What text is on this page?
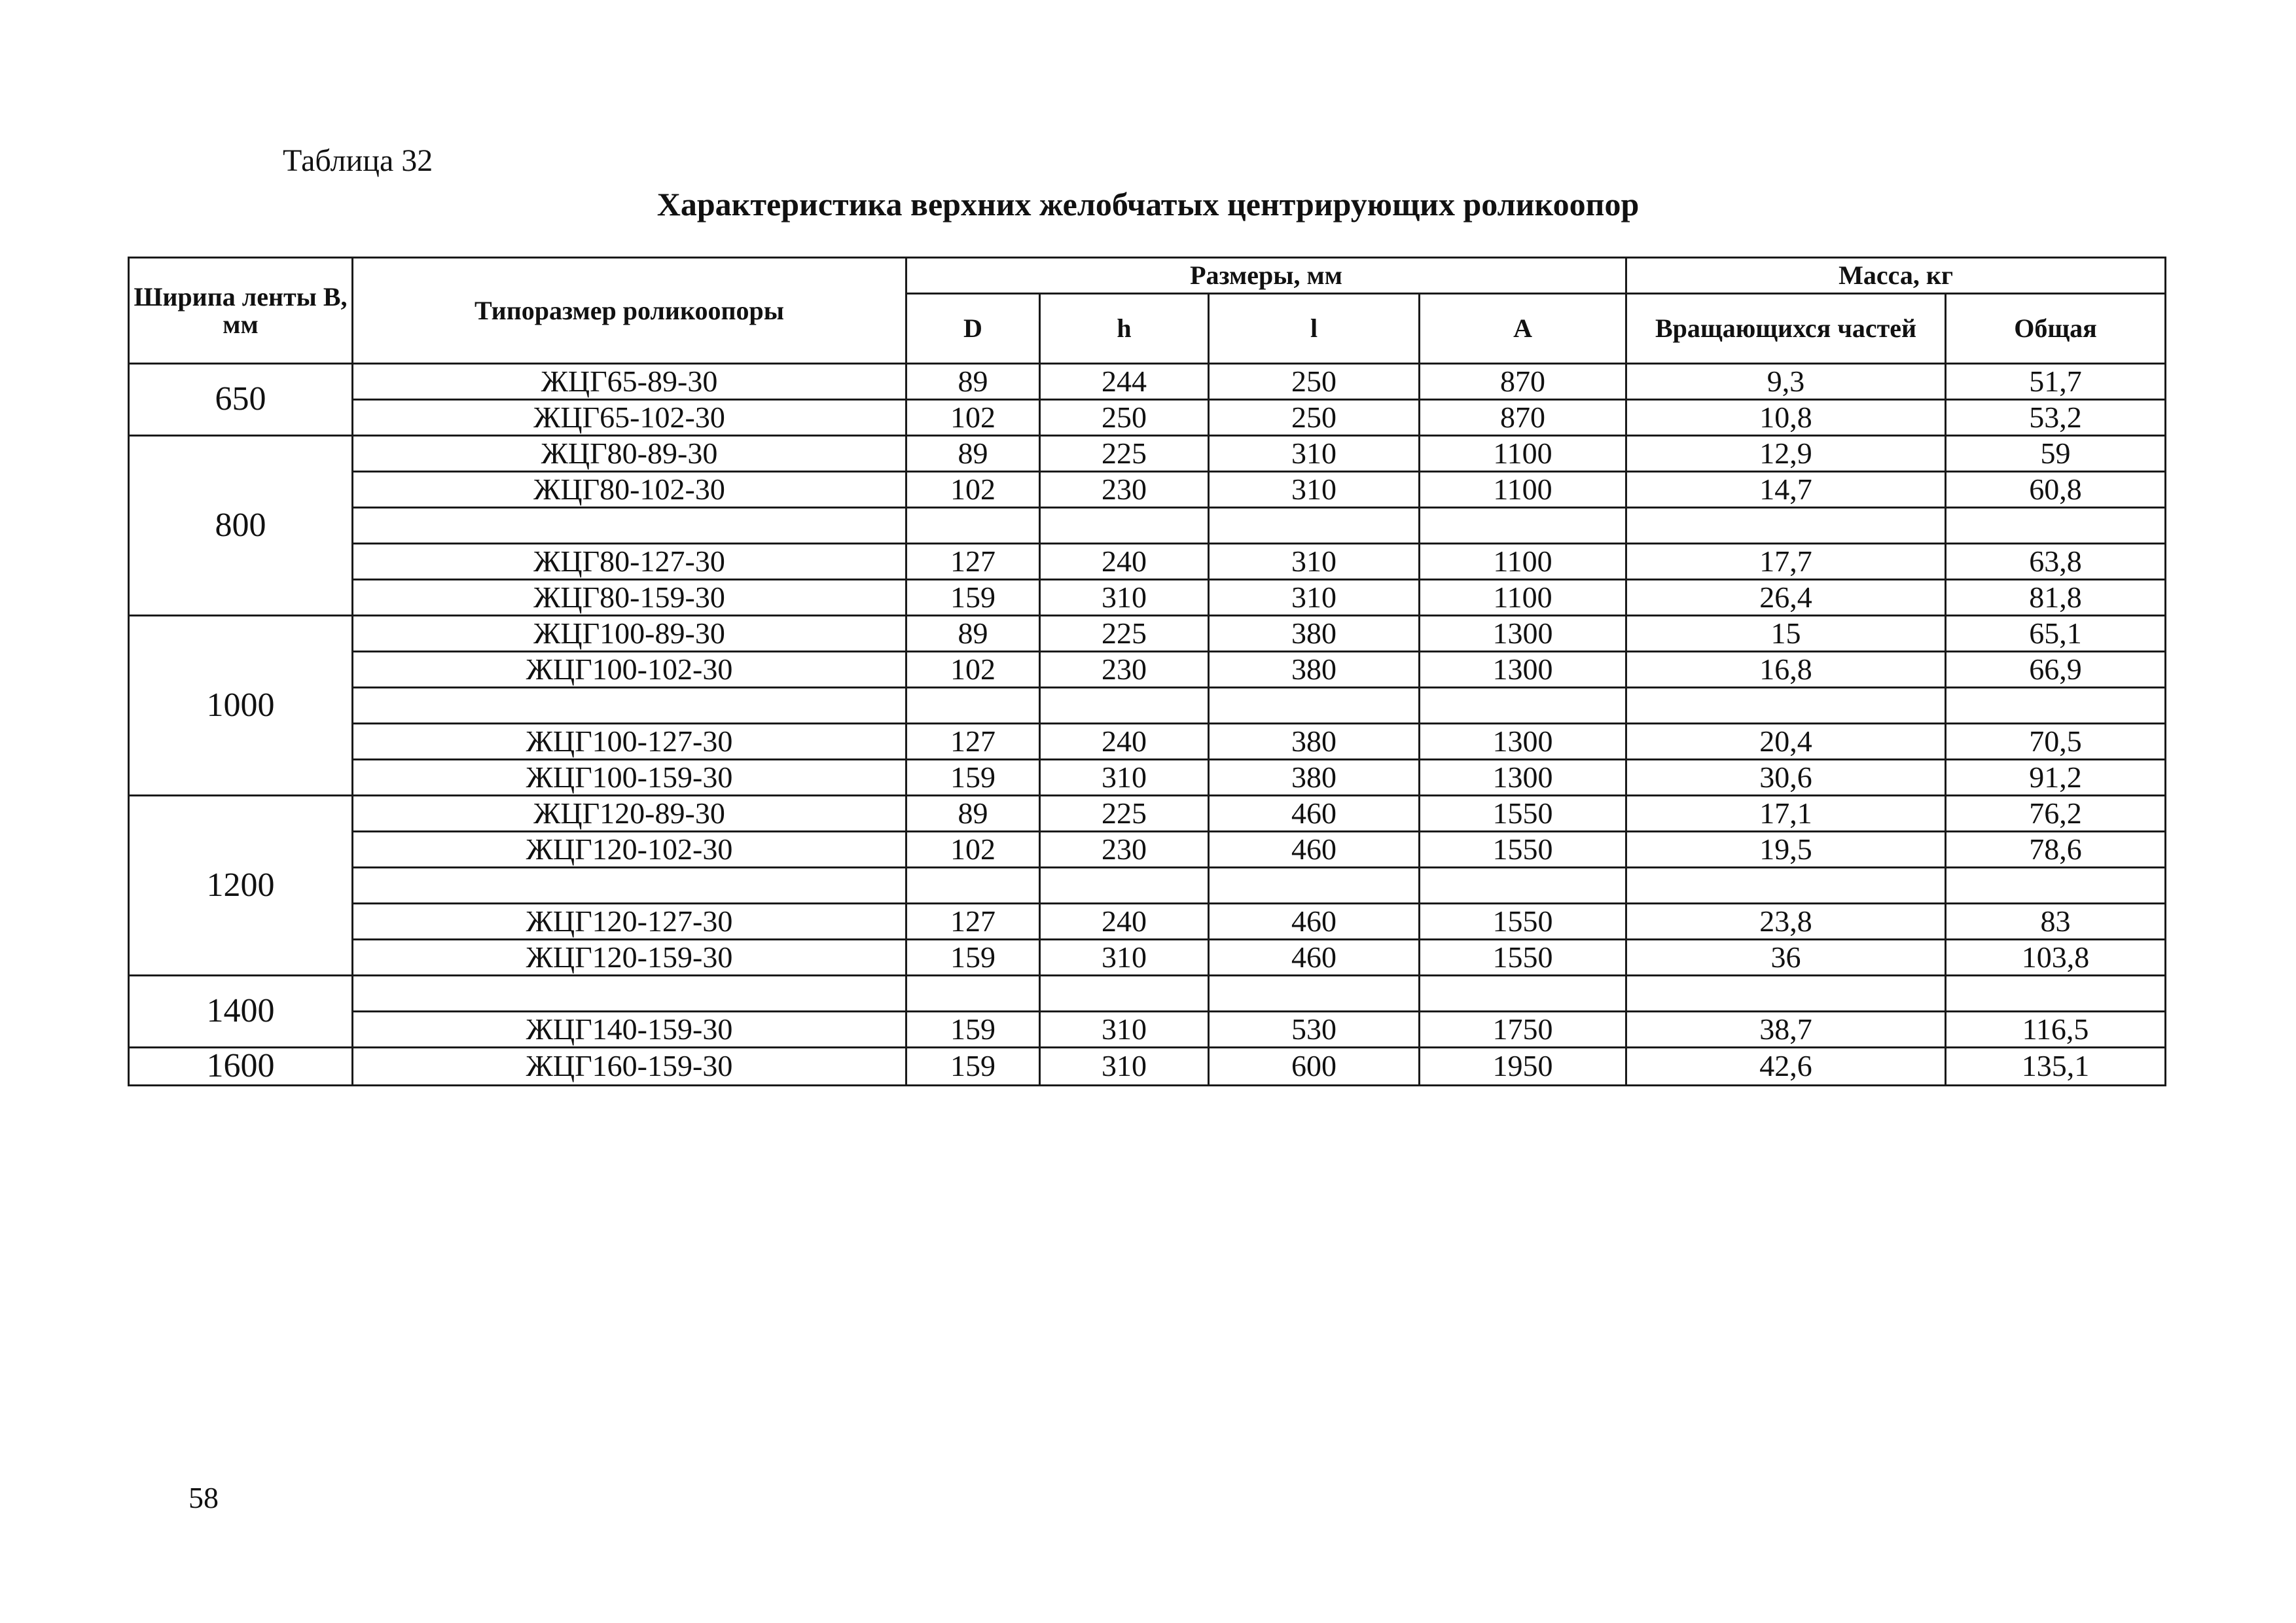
Таблица 32
Характеристика верхних желобчатых центрирующих роликоопор
Ширипа ленты В, мм	Типоразмер роликоопоры	Размеры, мм				Масса, кг	
		D	h	l	A	Вращающихся частей	Общая
650	ЖЦГ65-89-30	89	244	250	870	9,3	51,7
	ЖЦГ65-102-30	102	250	250	870	10,8	53,2
800	ЖЦГ80-89-30	89	225	310	1100	12,9	59
	ЖЦГ80-102-30	102	230	310	1100	14,7	60,8

	ЖЦГ80-127-30	127	240	310	1100	17,7	63,8
	ЖЦГ80-159-30	159	310	310	1100	26,4	81,8
1000	ЖЦГ100-89-30	89	225	380	1300	15	65,1
	ЖЦГ100-102-30	102	230	380	1300	16,8	66,9

	ЖЦГ100-127-30	127	240	380	1300	20,4	70,5
	ЖЦГ100-159-30	159	310	380	1300	30,6	91,2
1200	ЖЦГ120-89-30	89	225	460	1550	17,1	76,2
	ЖЦГ120-102-30	102	230	460	1550	19,5	78,6

	ЖЦГ120-127-30	127	240	460	1550	23,8	83
	ЖЦГ120-159-30	159	310	460	1550	36	103,8
1400							
	ЖЦГ140-159-30	159	310	530	1750	38,7	116,5
1600	ЖЦГ160-159-30	159	310	600	1950	42,6	135,1
58
